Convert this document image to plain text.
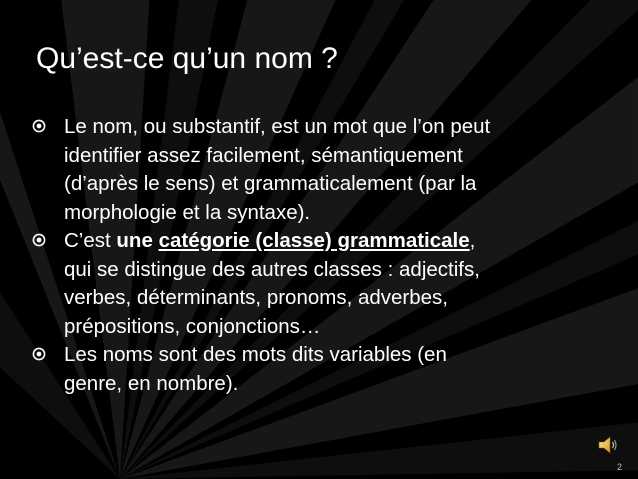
Qu’est-ce qu’un nom ?
Le nom, ou substantif, est un mot que l’on peut
identifier assez facilement, sémantiquement
(d’après le sens) et grammaticalement (par la
morphologie et la syntaxe).
C’est une catégorie (classe) grammaticale,
qui se distingue des autres classes : adjectifs,
verbes, déterminants, pronoms, adverbes,
prépositions, conjonctions…
Les noms sont des mots dits variables (en
genre, en nombre).
2
